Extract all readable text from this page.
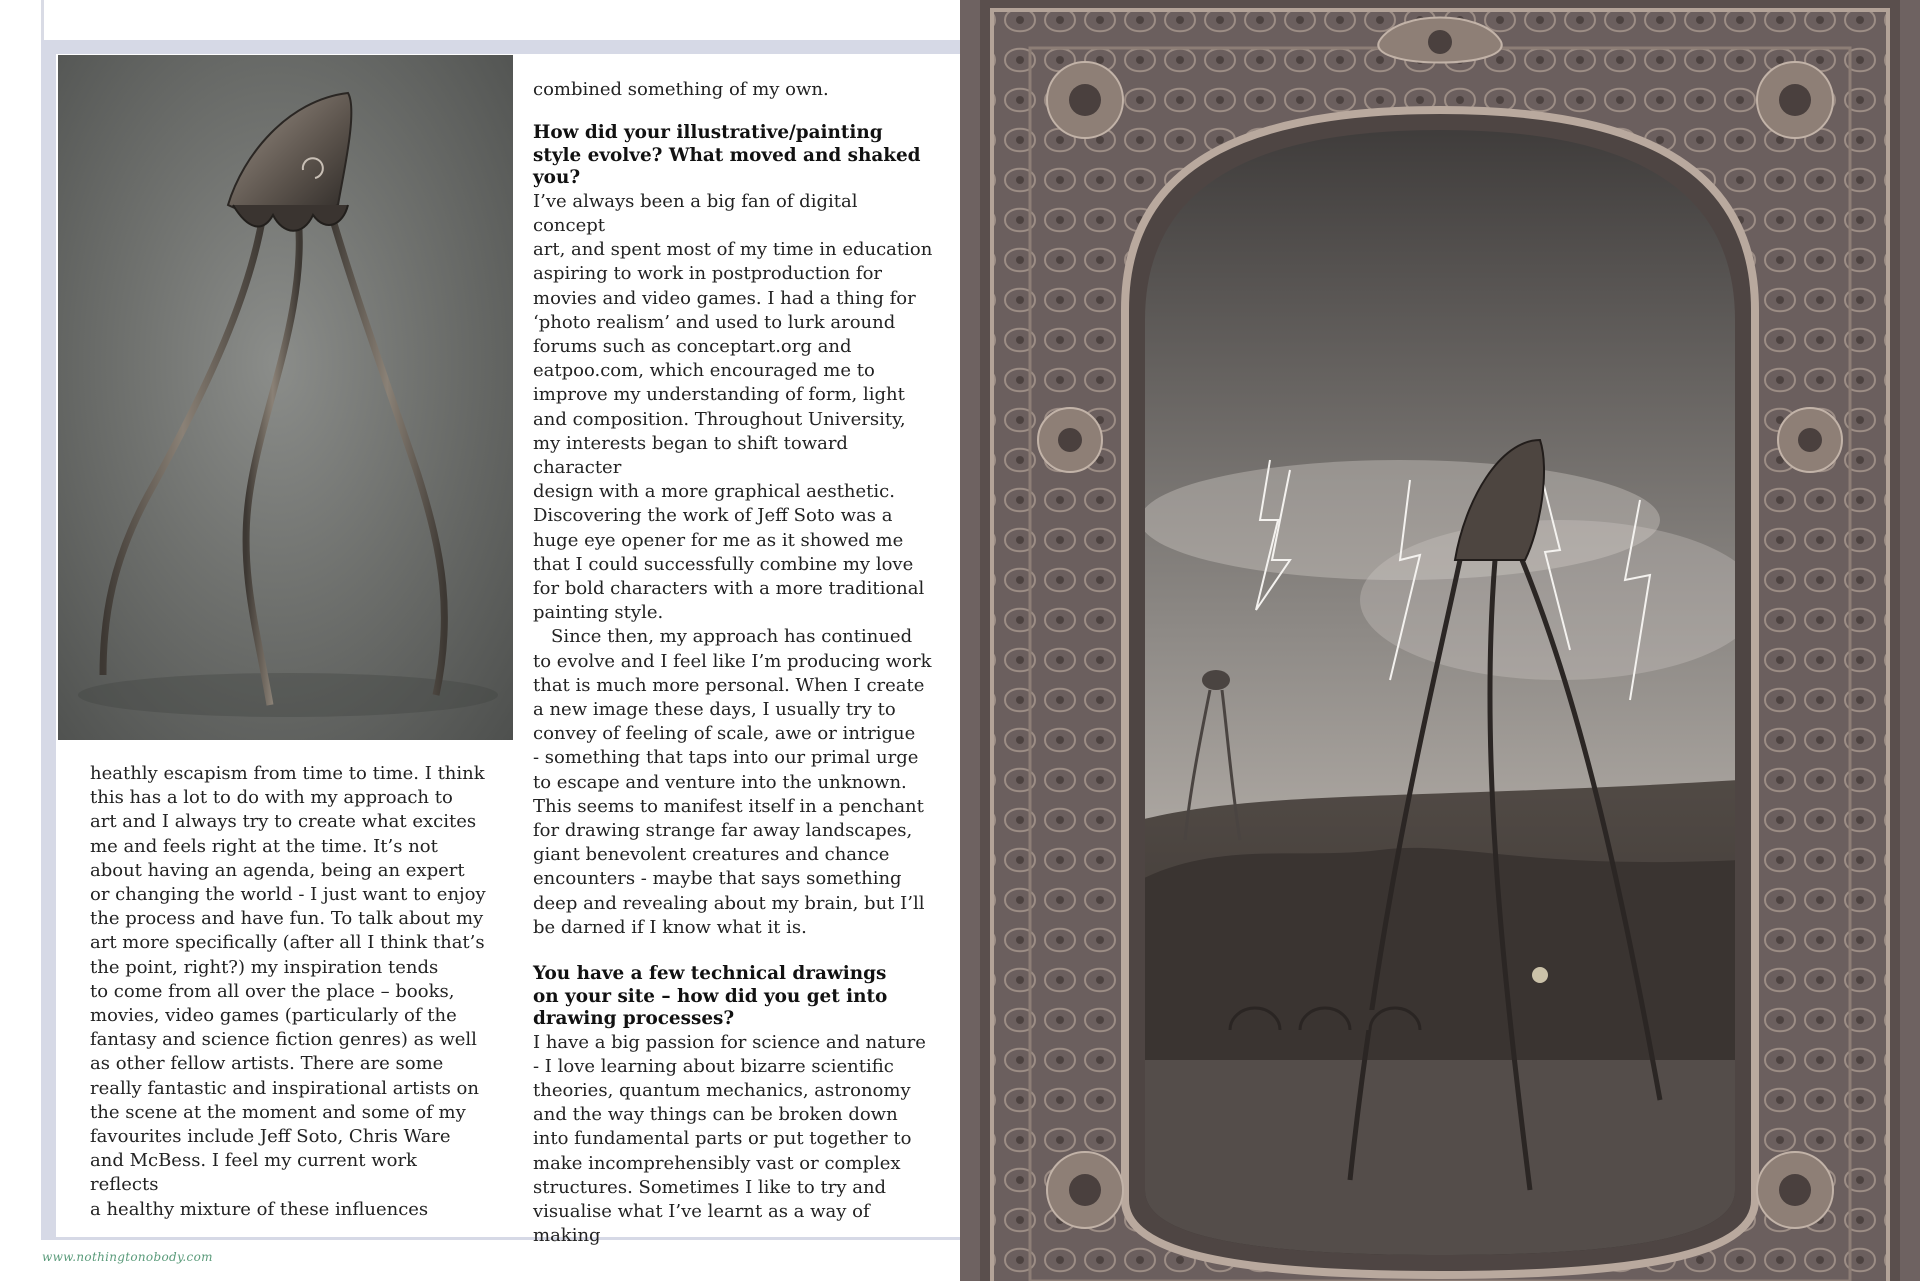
heathly escapism from time to time. I think
this has a lot to do with my approach to
art and I always try to create what excites
me and feels right at the time. It’s not
about having an agenda, being an expert
or changing the world - I just want to enjoy
the process and have fun. To talk about my
art more specifically (after all I think that’s
the point, right?) my inspiration tends
to come from all over the place – books,
movies, video games (particularly of the
fantasy and science fiction genres) as well
as other fellow artists. There are some
really fantastic and inspirational artists on
the scene at the moment and some of my
favourites include Jeff Soto, Chris Ware
and McBess. I feel my current work reflects
a healthy mixture of these influences

combined something of my own.

How did your illustrative/painting
style evolve? What moved and shaked
you?

I’ve always been a big fan of digital concept
art, and spent most of my time in education
aspiring to work in postproduction for
movies and video games. I had a thing for
‘photo realism’ and used to lurk around
forums such as conceptart.org and
eatpoo.com, which encouraged me to
improve my understanding of form, light
and composition. Throughout University,
my interests began to shift toward character
design with a more graphical aesthetic.
Discovering the work of Jeff Soto was a
huge eye opener for me as it showed me
that I could successfully combine my love
for bold characters with a more traditional
painting style.

Since then, my approach has continued
to evolve and I feel like I’m producing work
that is much more personal. When I create
a new image these days, I usually try to
convey of feeling of scale, awe or intrigue
- something that taps into our primal urge
to escape and venture into the unknown.
This seems to manifest itself in a penchant
for drawing strange far away landscapes,
giant benevolent creatures and chance
encounters - maybe that says something
deep and revealing about my brain, but I’ll
be darned if I know what it is.

You have a few technical drawings
on your site – how did you get into
drawing processes?

I have a big passion for science and nature
- I love learning about bizarre scientific
theories, quantum mechanics, astronomy
and the way things can be broken down
into fundamental parts or put together to
make incomprehensibly vast or complex
structures. Sometimes I like to try and
visualise what I’ve learnt as a way of making

www.nothingtonobody.com
